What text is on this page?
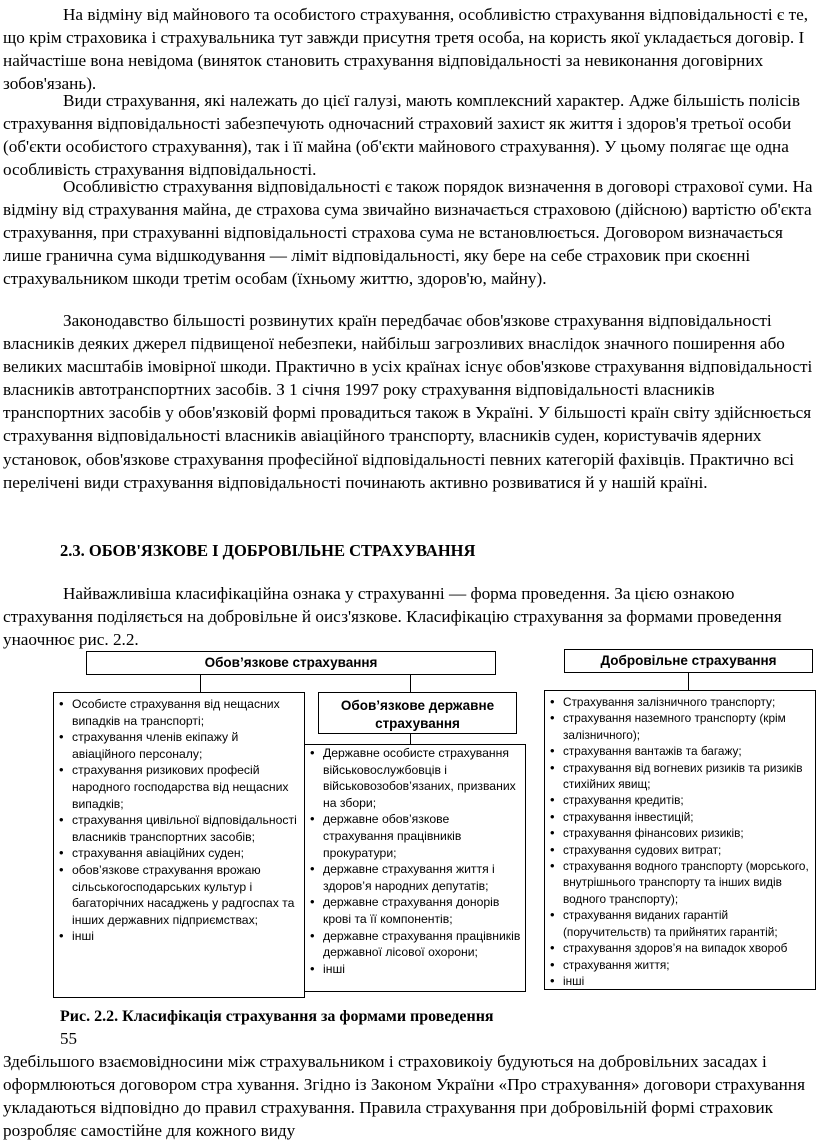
На відміну від майнового та особистого страхування, особливістю страхування відповідальності є те, що крім страховика і страхувальника тут завжди присутня третя особа, на користь якої укладається договір. І найчастіше вона невідома (виняток становить страхування відповідальності за невиконання договірних зобов'язань).

Види страхування, які належать до цієї галузі, мають комплексний характер. Адже більшість полісів страхування відповідальності забезпечують одночасний страховий захист як життя і здоров'я третьої особи (об'єкти особистого страхування), так і її майна (об'єкти майнового страхування). У цьому полягає ще одна особливість страхування відповідальності.

Особливістю страхування відповідальності є також порядок визначення в договорі страхової суми. На відміну від страхування майна, де страхова сума звичайно визначається страховою (дійсною) вартістю об'єкта страхування, при страхуванні відповідальності страхова сума не встановлюється. Договором визначається лише гранична сума відшкодування — ліміт відповідальності, яку бере на себе страховик при скоєнні страхувальником шкоди третім особам (їхньому життю, здоров'ю, майну).

Законодавство більшості розвинутих країн передбачає обов'язкове страхування відповідальності власників деяких джерел підвищеної небезпеки, найбільш загрозливих внаслідок значного поширення або великих масштабів імовірної шкоди. Практично в усіх країнах існує обов'язкове страхування відповідальності власників автотранспортних засобів. З 1 січня 1997 року страхування відповідальності власників транспортних засобів у обов'язковій формі провадиться також в Україні. У більшості країн світу здійснюється страхування відповідальності власників авіаційного транспорту, власників суден, користувачів ядерних установок, обов'язкове страхування професійної відповідальності певних категорій фахівців. Практично всі перелічені види страхування відповідальності починають активно розвиватися й у нашій країні.

2.3. ОБОВ'ЯЗКОВЕ І ДОБРОВІЛЬНЕ СТРАХУВАННЯ

Найважливіша класифікаційна ознака у страхуванні — форма проведення. За цією ознакою страхування поділяється на добровільне й оисз'язкове. Класифікацію страхування за формами проведення унаочнює рис. 2.2.

Обов’язкове страхування	Добровільне страхування
• Особисте страхування від нещасних випадків на транспорті;
• страхування членів екіпажу й авіаційного персоналу;
• страхування ризикових професій народного господарства від нещасних випадків;
• страхування цивільної відповідальності власників транспортних засобів;
• страхування авіаційних суден;
• обов’язкове страхування врожаю сільськогосподарських культур і багаторічних насаджень у радгоспах та інших державних підприємствах;
• інші
Обов’язкове державне страхування
• Державне особисте страхування військовослужбовців і військовозобов’язаних, призваних на збори;
• державне обов’язкове страхування працівників прокуратури;
• державне страхування життя і здоров’я народних депутатів;
• державне страхування донорів крові та її компонентів;
• державне страхування працівників державної лісової охорони;
• інші
• Страхування залізничного транспорту;
• страхування наземного транспорту (крім залізничного);
• страхування вантажів та багажу;
• страхування від вогневих ризиків та ризиків стихійних явищ;
• страхування кредитів;
• страхування інвестицій;
• страхування фінансових ризиків;
• страхування судових витрат;
• страхування водного транспорту (морського, внутрішнього транспорту та інших видів водного транспорту);
• страхування виданих гарантій (поручительств) та прийнятих гарантій;
• страхування здоров’я на випадок хвороб
• страхування життя;
• інші

Рис. 2.2. Класифікація страхування за формами проведення

55

Здебільшого взаємовідносини між страхувальником і страховикоіу будуються на добровільних засадах і оформлюються договором стра хування. Згідно із Законом України «Про страхування» договори страхування укладаються відповідно до правил страхування. Правила страхування при добровільній формі страховик розробляє самостійне для кожного виду
